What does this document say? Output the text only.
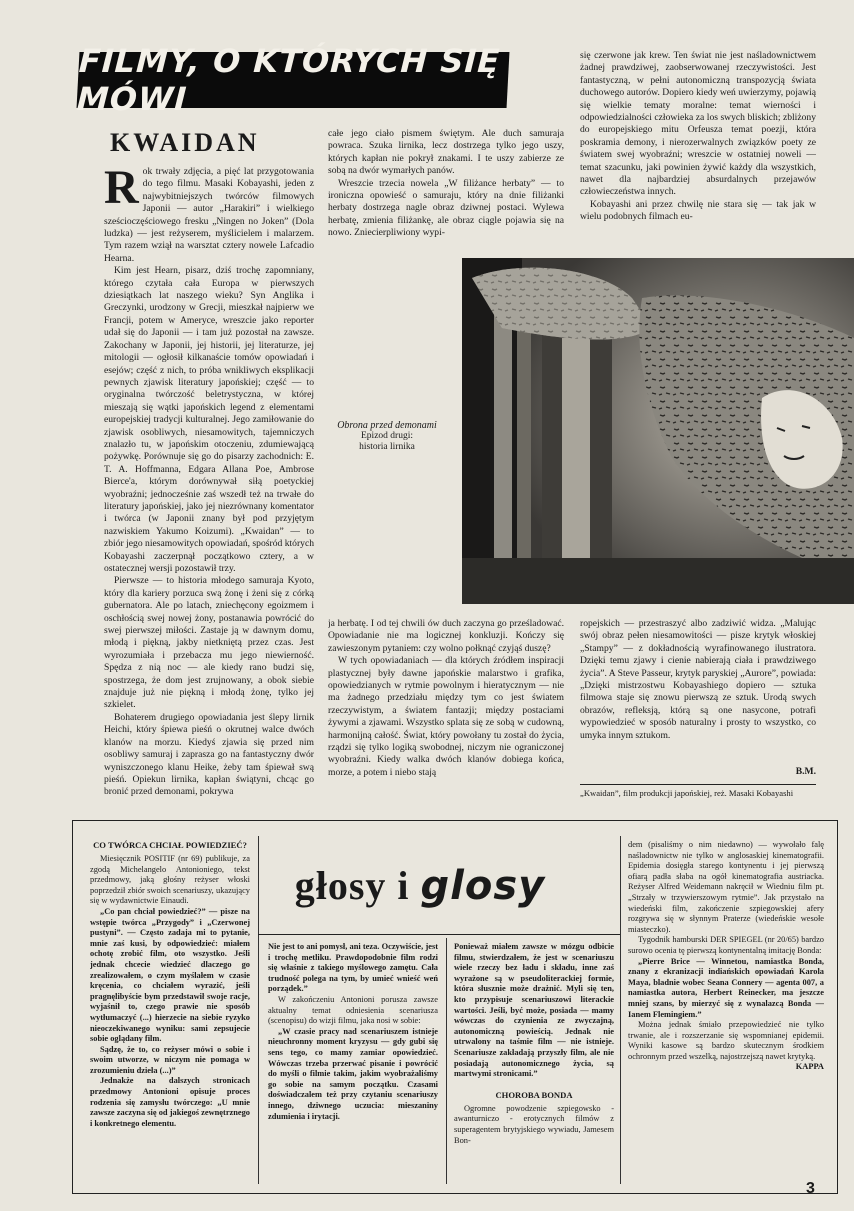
FILMY, O KTÓRYCH SIĘ MÓWI
KWAIDAN

Rok trwały zdjęcia, a pięć lat przygotowania do tego filmu. Masaki Kobayashi, jeden z najwybitniejszych twórców filmowych Japonii — autor „Harakiri” i wielkiego sześcioczęściowego fresku „Ningen no Joken” (Dola ludzka) — jest reżyserem, myślicielem i malarzem. Tym razem wziął na warsztat cztery nowele Lafcadio Hearna.

Kim jest Hearn, pisarz, dziś trochę zapomniany, którego czytała cała Europa w pierwszych dziesiątkach lat naszego wieku? Syn Anglika i Greczynki, urodzony w Grecji, mieszkał najpierw we Francji, potem w Ameryce, wreszcie jako reporter udał się do Japonii — i tam już pozostał na zawsze. Zakochany w Japonii, jej historii, jej literaturze, jej mitologii — ogłosił kilkanaście tomów opowiadań i esejów; część z nich, to próba wnikliwych eksplikacji pewnych zjawisk literatury japońskiej; część — to oryginalna twórczość beletrystyczna, w której mieszają się wątki japońskich legend z elementami europejskiej tradycji kulturalnej. Jego zamiłowanie do zjawisk osobliwych, niesamowitych, tajemniczych znalazło tu, w japońskim otoczeniu, zdumiewającą pożywkę. Porównuje się go do pisarzy zachodnich: E. T. A. Hoffmanna, Edgara Allana Poe, Ambrose Bierce'a, którym dorównywał siłą poetyckiej wyobraźni; jednocześnie zaś wszedł też na trwałe do literatury japońskiej, jako jej niezrównany komentator i twórca (w Japonii znany był pod przyjętym nazwiskiem Yakumo Koizumi). „Kwaidan” — to zbiór jego niesamowitych opowiadań, spośród których Kobayashi zaczerpnął początkowo cztery, a w ostatecznej wersji pozostawił trzy.

Pierwsze — to historia młodego samuraja Kyoto, który dla kariery porzuca swą żonę i żeni się z córką gubernatora. Ale po latach, zniechęcony egoizmem i oschłością swej nowej żony, postanawia powrócić do swej pierwszej miłości. Zastaje ją w dawnym domu, młodą i piękną, jakby nietkniętą przez czas. Jest wyrozumiała i przebacza mu jego niewierność. Spędza z nią noc — ale kiedy rano budzi się, spostrzega, że dom jest zrujnowany, a obok siebie znajduje już nie piękną i młodą żonę, tylko jej szkielet.

Bohaterem drugiego opowiadania jest ślepy lirnik Heichi, który śpiewa pieśń o okrutnej walce dwóch klanów na morzu. Kiedyś zjawia się przed nim osobliwy samuraj i zaprasza go na fantastyczny dwór wyniszczonego klanu Heike, żeby tam śpiewał swą pieśń. Opiekun lirnika, kapłan świątyni, chcąc go bronić przed demonami, pokrywa

całe jego ciało pismem świętym. Ale duch samuraja powraca. Szuka lirnika, lecz dostrzega tylko jego uszy, których kapłan nie pokrył znakami. I te uszy zabierze ze sobą na dwór wymarłych panów.

Wreszcie trzecia nowela „W filiżance herbaty” — to ironiczna opowieść o samuraju, który na dnie filiżanki herbaty dostrzega nagle obraz dziwnej postaci. Wylewa herbatę, zmienia filiżankę, ale obraz ciągle pojawia się na nowo. Zniecierpliwiony wypi-

się czerwone jak krew. Ten świat nie jest naśladownictwem żadnej prawdziwej, zaobserwowanej rzeczywistości. Jest fantastyczną, w pełni autonomiczną transpozycją świata duchowego autorów. Dopiero kiedy weń uwierzymy, pojawią się wielkie tematy moralne: temat wierności i odpowiedzialności człowieka za los swych bliskich; zbliżony do europejskiego mitu Orfeusza temat poezji, która poskramia demony, i nierozerwalnych związków poety ze światem swej wyobraźni; wreszcie w ostatniej noweli — temat szacunku, jaki powinien żywić każdy dla wszystkich, nawet dla najbardziej absurdalnych przejawów człowieczeństwa innych.

Kobayashi ani przez chwilę nie stara się — tak jak w wielu podobnych filmach eu-

Obrona przed demonami
Epizod drugi:
historia lirnika

ja herbatę. I od tej chwili ów duch zaczyna go prześladować. Opowiadanie nie ma logicznej konkluzji. Kończy się zawieszonym pytaniem: czy wolno połknąć czyjąś duszę?

W tych opowiadaniach — dla których źródłem inspiracji plastycznej były dawne japońskie malarstwo i grafika, opowiedzianych w rytmie powolnym i hieratycznym — nie ma żadnego przedziału między tym co jest światem rzeczywistym, a światem fantazji; między postaciami żywymi a zjawami. Wszystko splata się ze sobą w cudowną, harmonijną całość. Świat, który powołany tu został do życia, rządzi się tylko logiką swobodnej, niczym nie ograniczonej wyobraźni. Kiedy walka dwóch klanów dobiega końca, morze, a potem i niebo stają

ropejskich — przestraszyć albo zadziwić widza. „Malując swój obraz pełen niesamowitości — pisze krytyk włoskiej „Stampy” — z dokładnością wyrafinowanego ilustratora. Dzięki temu zjawy i cienie nabierają ciała i prawdziwego życia”. A Steve Passeur, krytyk paryskiej „Aurore”, powiada: „Dzięki mistrzostwu Kobayashiego dopiero — sztuka filmowa staje się znowu pierwszą ze sztuk. Urodą swych obrazów, refleksją, którą są one nasycone, potrafi wypowiedzieć w sposób naturalny i prosty to wszystko, co umyka innym sztukom.

B.M.
„Kwaidan”, film produkcji japońskiej, reż. Masaki Kobayashi
CO TWÓRCA CHCIAŁ POWIEDZIEĆ?

Miesięcznik POSITIF (nr 69) publikuje, za zgodą Michelangelo Antonioniego, tekst przedmowy, jaką głośny reżyser włoski poprzedził zbiór swoich scenariuszy, ukazujący się w wydawnictwie Einaudi.

„Co pan chciał powiedzieć?” — pisze na wstępie twórca „Przygody” i „Czerwonej pustyni”. — Często zadaja mi to pytanie, mnie zaś kusi, by odpowiedzieć: miałem ochotę zrobić film, oto wszystko. Jeśli jednak chcecie wiedzieć dlaczego go zrealizowałem, o czym myślałem w czasie kręcenia, co chciałem wyrazić, jeśli pragnęlibyście bym przedstawił swoje racje, wyjaśnił to, czego prawie nie sposób wytłumaczyć (...) hierzecie na siebie ryzyko nieoczekiwanego wyniku: sami zepsujecie sobie oglądany film.

Sądzę, że to, co reżyser mówi o sobie i swoim utworze, w niczym nie pomaga w zrozumieniu dzieła (...)”

Jednakże na dalszych stronicach przedmowy Antonioni opisuje proces rodzenia się zamysłu twórczego: „U mnie zawsze zaczyna się od jakiegoś zewnętrznego i konkretnego elementu.

głosy i glosy

Nie jest to ani pomysł, ani teza. Oczywiście, jest i trochę metliku. Prawdopodobnie film rodzi się właśnie z takiego myślowego zamętu. Cała trudność polega na tym, by umieć wnieść weń porządek.”

W zakończeniu Antonioni porusza zawsze aktualny temat odniesienia scenariusza (scenopisu) do wizji filmu, jaka nosi w sobie:

„W czasie pracy nad scenariuszem istnieje nieuchronny moment kryzysu — gdy gubi się sens tego, co mamy zamiar opowiedzieć. Wówczas trzeba przerwać pisanie i powrócić do myśli o filmie takim, jakim wyobrażaliśmy go sobie na samym początku. Czasami doświadczalem też przy czytaniu scenariuszy innego, dziwnego uczucia: mieszaniny zdumienia i irytacji.

Ponieważ miałem zawsze w mózgu odbicie filmu, stwierdzałem, że jest w scenariuszu wiele rzeczy bez ładu i składu, inne zaś wyrażone są w pseudoliterackiej formie, która słusznie może drażnić. Myli się ten, kto przypisuje scenariuszowi literackie wartości. Jeśli, być może, posiada — mamy wówczas do czynienia ze zwyczajną, autonomiczną powieścią. Jednak nie utrwalony na taśmie film — nie istnieje. Scenariusze zakładają przyszły film, ale nie posiadają autonomicznego życia, są martwymi stronicami.”

CHOROBA BONDA

Ogromne powodzenie szpiegowsko - awanturniczo - erotycznych filmów z superagentem brytyjskiego wywiadu, Jamesem Bon-

dem (pisaliśmy o nim niedawno) — wywołało falę naśladownictw nie tylko w anglosaskiej kinematografii. Epidemia dosięgła starego kontynentu i jej pierwszą ofiarą padła słaba na ogół kinematografia austriacka. Reżyser Alfred Weidemann nakręcił w Wiedniu film pt. „Strzały w trzywierszowym rytmie”. Jak przystało na wiedeński film, zakończenie szpiegowskiej afery rozgrywa się w słynnym Praterze (wiedeńskie wesołe miasteczko).

Tygodnik hamburski DER SPIEGEL (nr 20/65) bardzo surowo ocenia tę pierwszą kontynentalną imitację Bonda:

„Pierre Brice — Winnetou, namiastka Bonda, znany z ekranizacji indiańskich opowiadań Karola Maya, bladnie wobec Seana Connery — agenta 007, a namiastka autora, Herbert Reinecker, ma jeszcze mniej szans, by mierzyć się z wynalazcą Bonda — Ianem Flemingiem.”

Można jednak śmiało przepowiedzieć nie tylko trwanie, ale i rozszerzanie się wspomnianej epidemii. Wyniki kasowe są bardzo skutecznym środkiem ochronnym przed wszelką, najostrzejszą nawet krytyką.

KAPPA

3
